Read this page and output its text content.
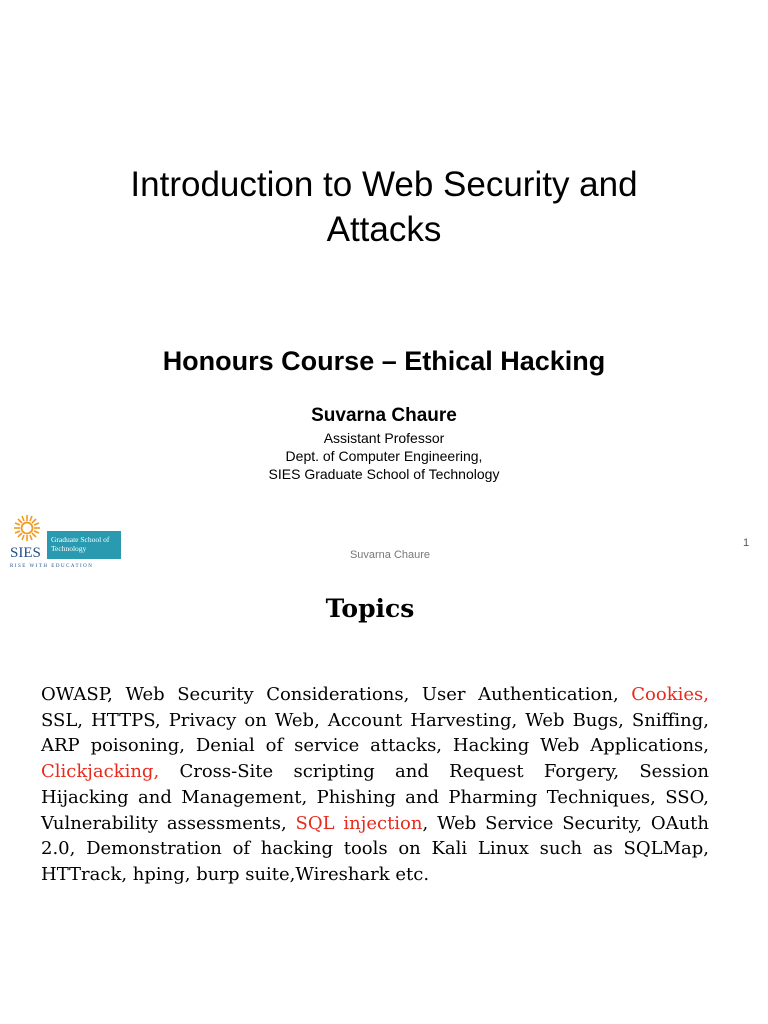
Introduction to Web Security and
Attacks
Honours Course – Ethical Hacking
Suvarna Chaure
Assistant Professor
Dept. of Computer Engineering,
SIES Graduate School of Technology
SIES
Graduate School of
Technology
RISE WITH EDUCATION
Suvarna Chaure
1
Topics

OWASP, Web Security Considerations, User Authentication, Cookies, SSL, HTTPS, Privacy on Web, Account Harvesting, Web Bugs, Sniffing, ARP poisoning, Denial of service attacks, Hacking Web Applications, Clickjacking, Cross-Site scripting and Request Forgery, Session Hijacking and Management, Phishing and Pharming Techniques, SSO, Vulnerability assessments, SQL injection, Web Service Security, OAuth 2.0, Demonstration of hacking tools on Kali Linux such as SQLMap, HTTrack, hping, burp suite,Wireshark etc.
